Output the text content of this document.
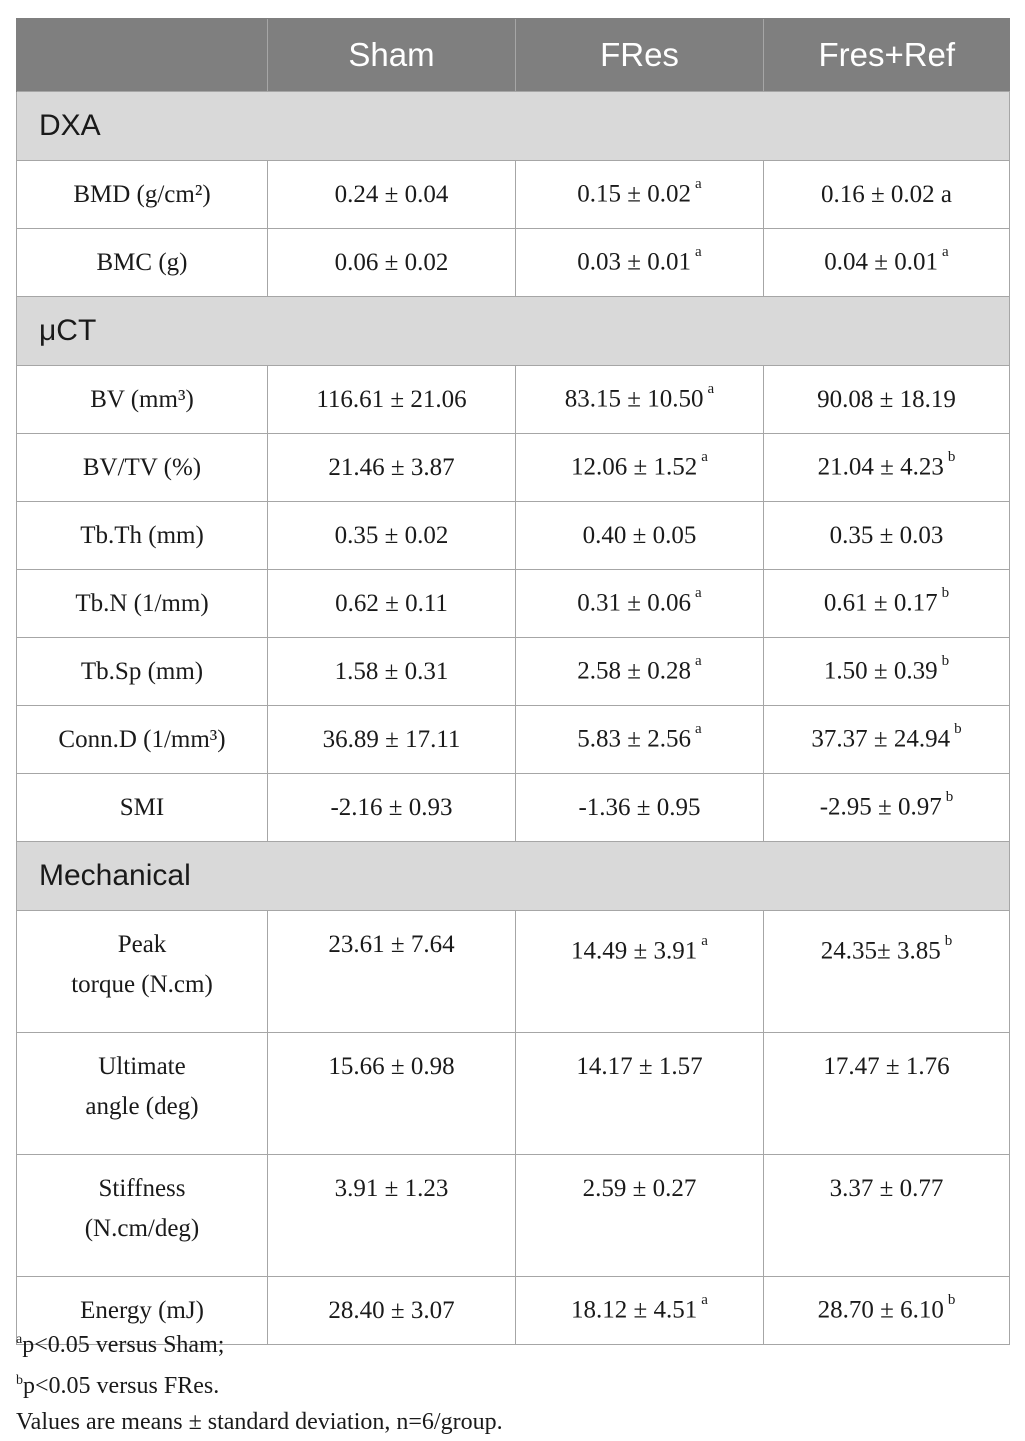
	Sham	FRes	Fres+Ref
DXA			
BMD (g/cm²)	0.24 ± 0.04	0.15 ± 0.02 $^a$	0.16 ± 0.02 a
BMC (g)	0.06 ± 0.02	0.03 ± 0.01 $^a$	0.04 ± 0.01 $^a$
μCT			
BV (mm³)	116.61 ± 21.06	83.15 ± 10.50 $^a$	90.08 ± 18.19
BV/TV (%)	21.46 ± 3.87	12.06 ± 1.52 $^a$	21.04 ± 4.23 $^b$
Tb.Th (mm)	0.35 ± 0.02	0.40 ± 0.05	0.35 ± 0.03
Tb.N (1/mm)	0.62 ± 0.11	0.31 ± 0.06 $^a$	0.61 ± 0.17 $^b$
Tb.Sp (mm)	1.58 ± 0.31	2.58 ± 0.28 $^a$	1.50 ± 0.39 $^b$
Conn.D (1/mm³)	36.89 ± 17.11	5.83 ± 2.56 $^a$	37.37 ± 24.94 $^b$
SMI	-2.16 ± 0.93	-1.36 ± 0.95	-2.95 ± 0.97 $^b$
Mechanical			
Peak
torque (N.cm)	23.61 ± 7.64	14.49 ± 3.91 $^a$	24.35± 3.85 $^b$
Ultimate
angle (deg)	15.66 ± 0.98	14.17 ± 1.57	17.47 ± 1.76
Stiffness
(N.cm/deg)	3.91 ± 1.23	2.59 ± 0.27	3.37 ± 0.77
Energy (mJ)	28.40 ± 3.07	18.12 ± 4.51 $^a$	28.70 ± 6.10 $^b$
$^a$p<0.05 versus Sham;
$^b$p<0.05 versus FRes.
Values are means ± standard deviation, n=6/group.
